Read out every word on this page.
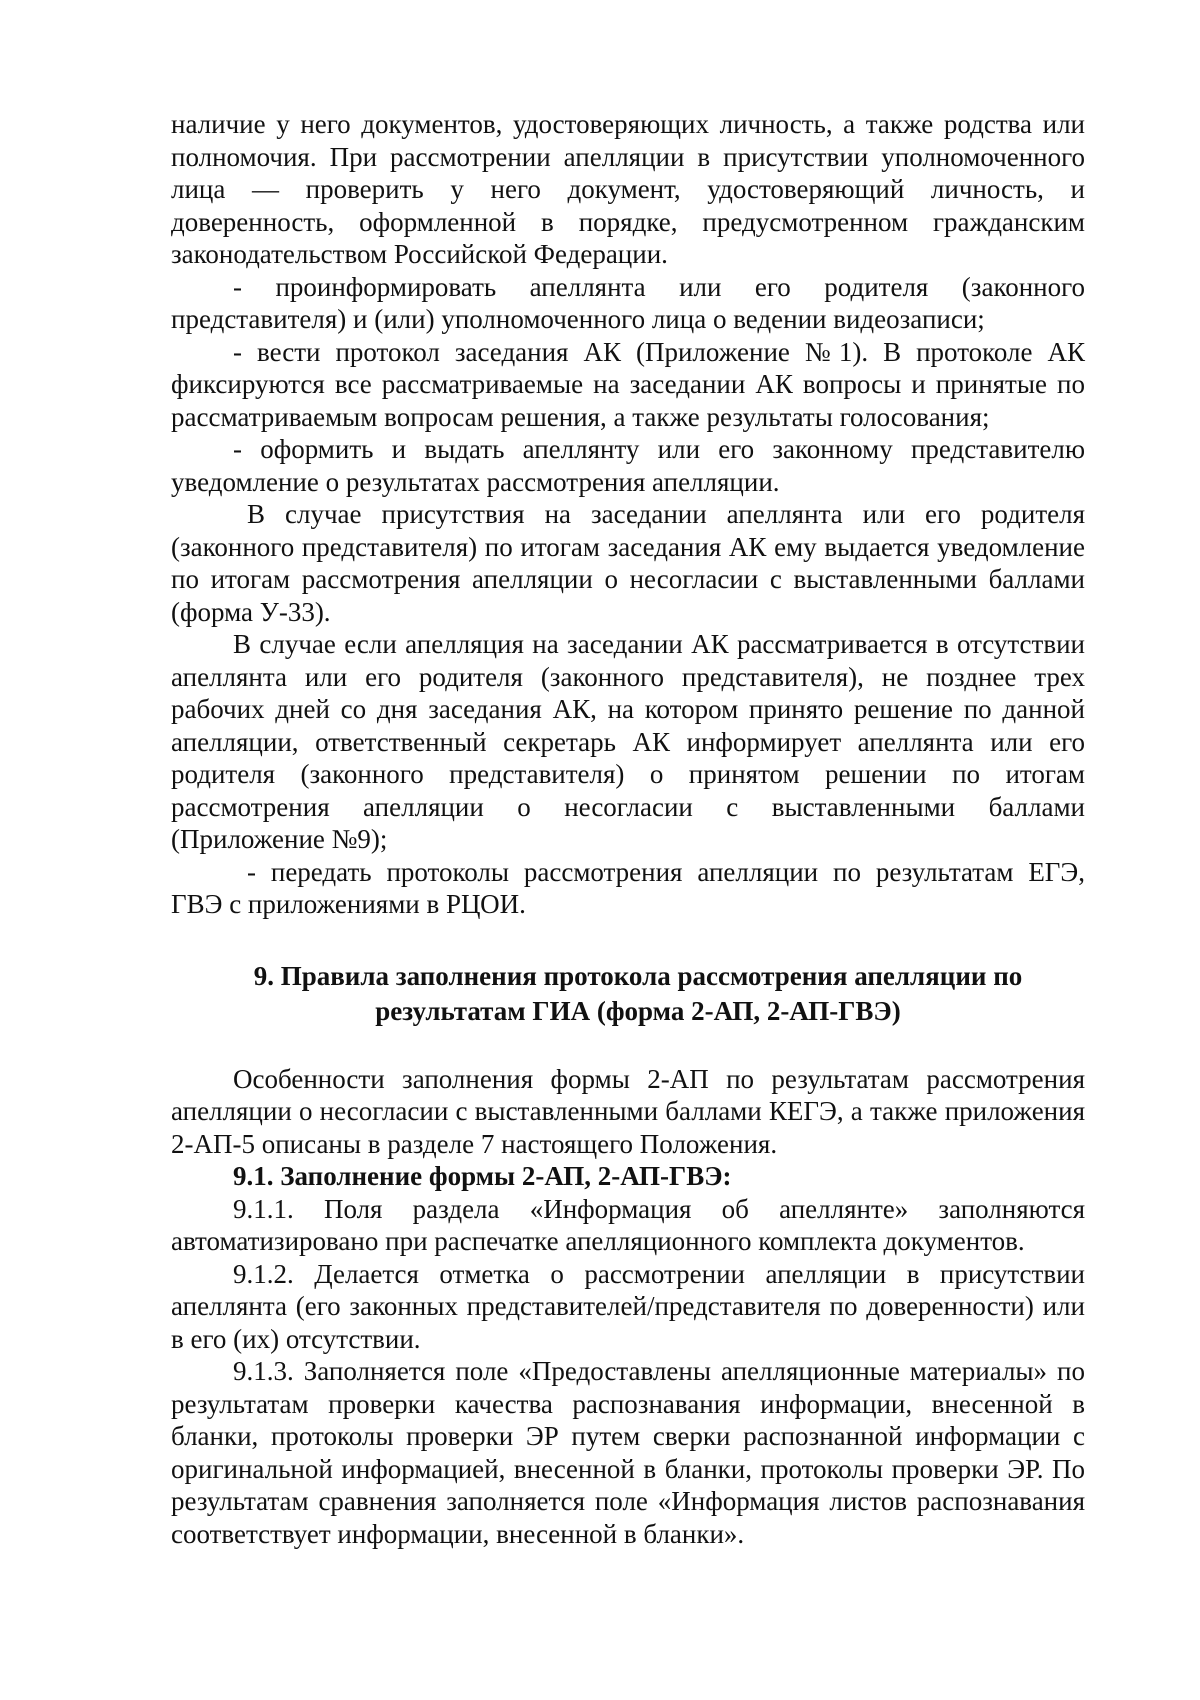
наличие у него документов, удостоверяющих личность, а также родства или полномочия. При рассмотрении апелляции в присутствии уполномоченного лица — проверить у него документ, удостоверяющий личность, и доверенность, оформленной в порядке, предусмотренном гражданским законодательством Российской Федерации.

- проинформировать апеллянта или его родителя (законного представителя) и (или) уполномоченного лица о ведении видеозаписи;

- вести протокол заседания АК (Приложение №1). В протоколе АК фиксируются все рассматриваемые на заседании АК вопросы и принятые по рассматриваемым вопросам решения, а также результаты голосования;

- оформить и выдать апеллянту или его законному представителю уведомление о результатах рассмотрения апелляции.

В случае присутствия на заседании апеллянта или его родителя (законного представителя) по итогам заседания АК ему выдается уведомление по итогам рассмотрения апелляции о несогласии с выставленными баллами (форма У-33).

В случае если апелляция на заседании АК рассматривается в отсутствии апеллянта или его родителя (законного представителя), не позднее трех рабочих дней со дня заседания АК, на котором принято решение по данной апелляции, ответственный секретарь АК информирует апеллянта или его родителя (законного представителя) о принятом решении по итогам рассмотрения апелляции о несогласии с выставленными баллами (Приложение №9);

- передать протоколы рассмотрения апелляции по результатам ЕГЭ, ГВЭ с приложениями в РЦОИ.

9. Правила заполнения протокола рассмотрения апелляции по
результатам ГИА (форма 2-АП, 2-АП-ГВЭ)

Особенности заполнения формы 2-АП по результатам рассмотрения апелляции о несогласии с выставленными баллами КЕГЭ, а также приложения 2-АП-5 описаны в разделе 7 настоящего Положения.

9.1. Заполнение формы 2-АП, 2-АП-ГВЭ:

9.1.1. Поля раздела «Информация об апеллянте» заполняются автоматизировано при распечатке апелляционного комплекта документов.

9.1.2. Делается отметка о рассмотрении апелляции в присутствии апеллянта (его законных представителей/представителя по доверенности) или в его (их) отсутствии.

9.1.3. Заполняется поле «Предоставлены апелляционные материалы» по результатам проверки качества распознавания информации, внесенной в бланки, протоколы проверки ЭР путем сверки распознанной информации с оригинальной информацией, внесенной в бланки, протоколы проверки ЭР. По результатам сравнения заполняется поле «Информация листов распознавания соответствует информации, внесенной в бланки».
